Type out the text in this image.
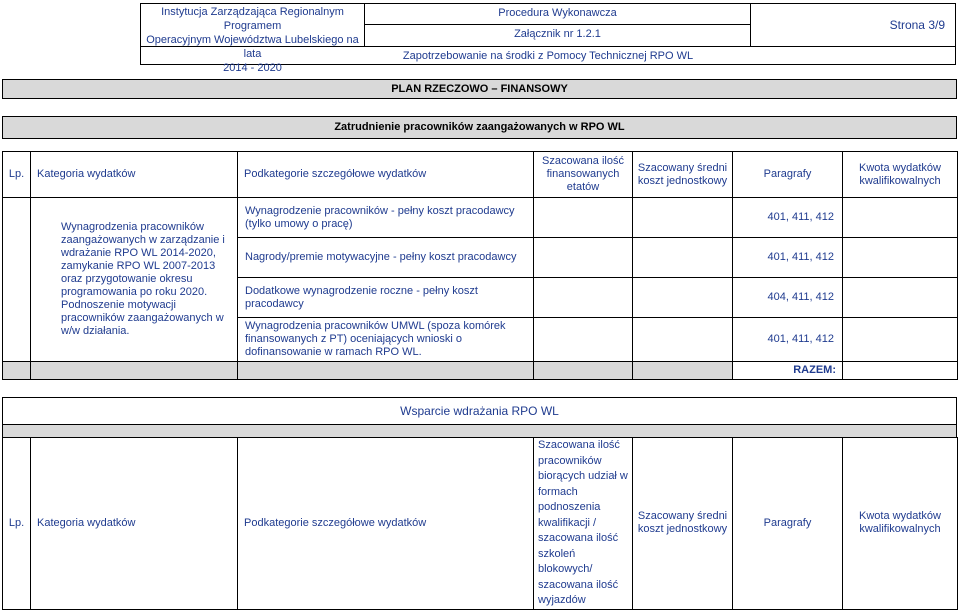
Instytucja Zarządzająca Regionalnym Programem
Operacyjnym Województwa Lubelskiego na lata
2014 - 2020
Procedura Wykonawcza
Załącznik nr 1.2.1
Strona 3/9
Zapotrzebowanie na środki z Pomocy Technicznej RPO WL
PLAN RZECZOWO – FINANSOWY
Zatrudnienie pracowników zaangażowanych w RPO WL
Lp.	Kategoria wydatków	Podkategorie szczegółowe wydatków	Szacowana ilość finansowanych etatów	Szacowany średni koszt jednostkowy	Paragrafy	Kwota wydatków kwalifikowalnych
	Wynagrodzenia pracowników zaangażowanych w zarządzanie i wdrażanie RPO WL 2014-2020, zamykanie RPO WL 2007-2013 oraz przygotowanie okresu programowania po roku 2020. Podnoszenie motywacji pracowników zaangażowanych w w/w działania.	Wynagrodzenie pracowników - pełny koszt pracodawcy (tylko umowy o pracę)			401, 411, 412	
		Nagrody/premie motywacyjne - pełny koszt pracodawcy			401, 411, 412	
		Dodatkowe wynagrodzenie roczne - pełny koszt pracodawcy			404, 411, 412	
		Wynagrodzenia pracowników UMWL (spoza komórek finansowanych z PT) oceniających wnioski o dofinansowanie w ramach RPO WL.			401, 411, 412	
					RAZEM:	
Wsparcie wdrażania RPO WL
Lp.	Kategoria wydatków	Podkategorie szczegółowe wydatków	Szacowana ilość pracowników biorących udział w formach podnoszenia kwalifikacji / szacowana ilość szkoleń blokowych/ szacowana ilość wyjazdów	Szacowany średni koszt jednostkowy	Paragrafy	Kwota wydatków kwalifikowalnych
